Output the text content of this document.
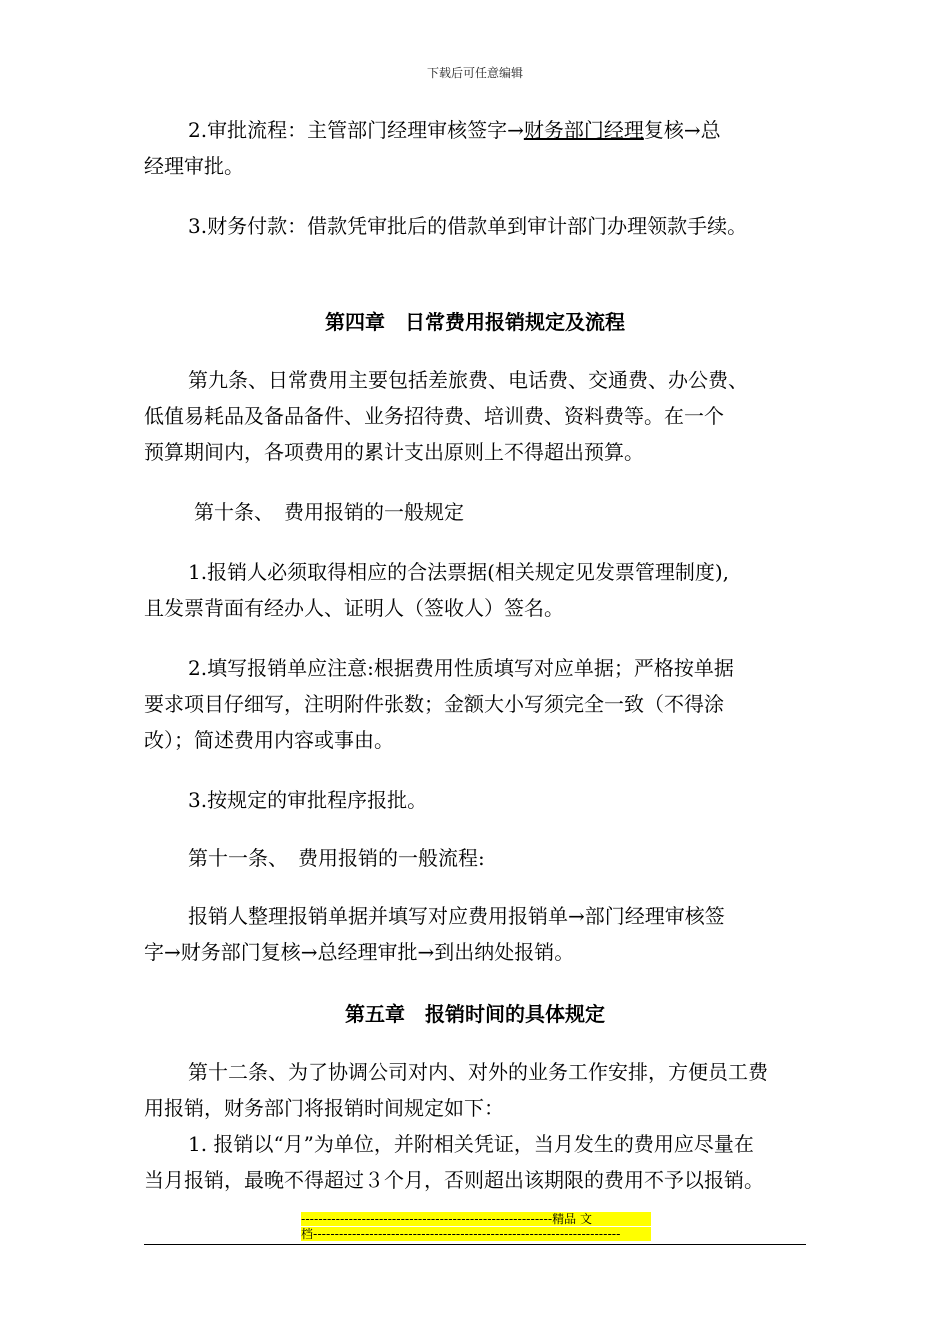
下载后可任意编辑

2.审批流程：主管部门经理审核签字→财务部门经理复核→总
经理审批。

3.财务付款：借款凭审批后的借款单到审计部门办理领款手续。

第四章　日常费用报销规定及流程

第九条、日常费用主要包括差旅费、电话费、交通费、办公费、
低值易耗品及备品备件、业务招待费、培训费、资料费等。在一个
预算期间内，各项费用的累计支出原则上不得超出预算。

第十条、　费用报销的一般规定

1.报销人必须取得相应的合法票据(相关规定见发票管理制度),
且发票背面有经办人、证明人（签收人）签名。

2.填写报销单应注意:根据费用性质填写对应单据；严格按单据
要求项目仔细写，注明附件张数；金额大小写须完全一致（不得涂
改）；简述费用内容或事由。

3.按规定的审批程序报批。

第十一条、　费用报销的一般流程:

报销人整理报销单据并填写对应费用报销单→部门经理审核签
字→财务部门复核→总经理审批→到出纳处报销。

第五章　报销时间的具体规定

第十二条、为了协调公司对内、对外的业务工作安排，方便员工费
用报销，财务部门将报销时间规定如下：

1. 报销以“月”为单位，并附相关凭证，当月发生的费用应尽量在
当月报销，最晚不得超过３个月，否则超出该期限的费用不予以报销。

----------------------------------------------------------精品 文
档-----------------------------------------------------------------------
